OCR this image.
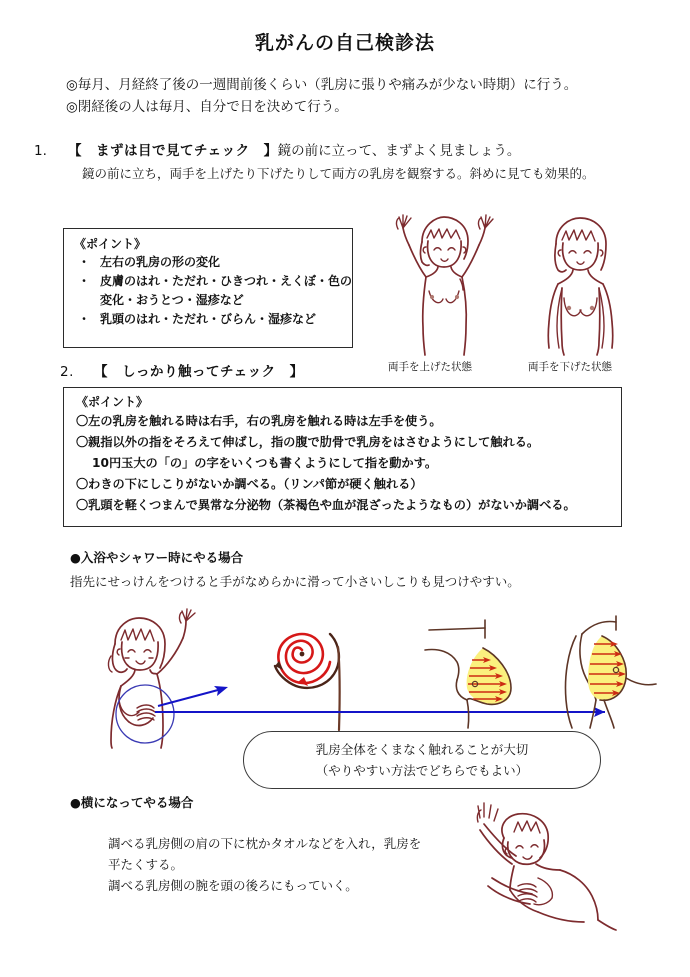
乳がんの自己検診法
◎毎月、月経終了後の一週間前後くらい（乳房に張りや痛みが少ない時期）に行う。
◎閉経後の人は毎月、自分で日を決めて行う。
1. 【　まずは目で見てチェック　】鏡の前に立って、まずよく見ましょう。
鏡の前に立ち，両手を上げたり下げたりして両方の乳房を観察する。斜めに見ても効果的。
《ポイント》
・ 左右の乳房の形の変化
・ 皮膚のはれ・ただれ・ひきつれ・えくぼ・色の
変化・おうとつ・湿疹など
・ 乳頭のはれ・ただれ・びらん・湿疹など
両手を上げた状態	両手を下げた状態
2. 【　しっかり触ってチェック　】
《ポイント》
〇左の乳房を触れる時は右手，右の乳房を触れる時は左手を使う。
〇親指以外の指をそろえて伸ばし，指の腹で肋骨で乳房をはさむようにして触れる。
10円玉大の「の」の字をいくつも書くようにして指を動かす。
〇わきの下にしこりがないか調べる。（リンパ節が硬く触れる）
〇乳頭を軽くつまんで異常な分泌物（茶褐色や血が混ざったようなもの）がないか調べる。
●入浴やシャワー時にやる場合
指先にせっけんをつけると手がなめらかに滑って小さいしこりも見つけやすい。
乳房全体をくまなく触れることが大切
（やりやすい方法でどちらでもよい）
●横になってやる場合
調べる乳房側の肩の下に枕かタオルなどを入れ，乳房を
平たくする。
調べる乳房側の腕を頭の後ろにもっていく。
